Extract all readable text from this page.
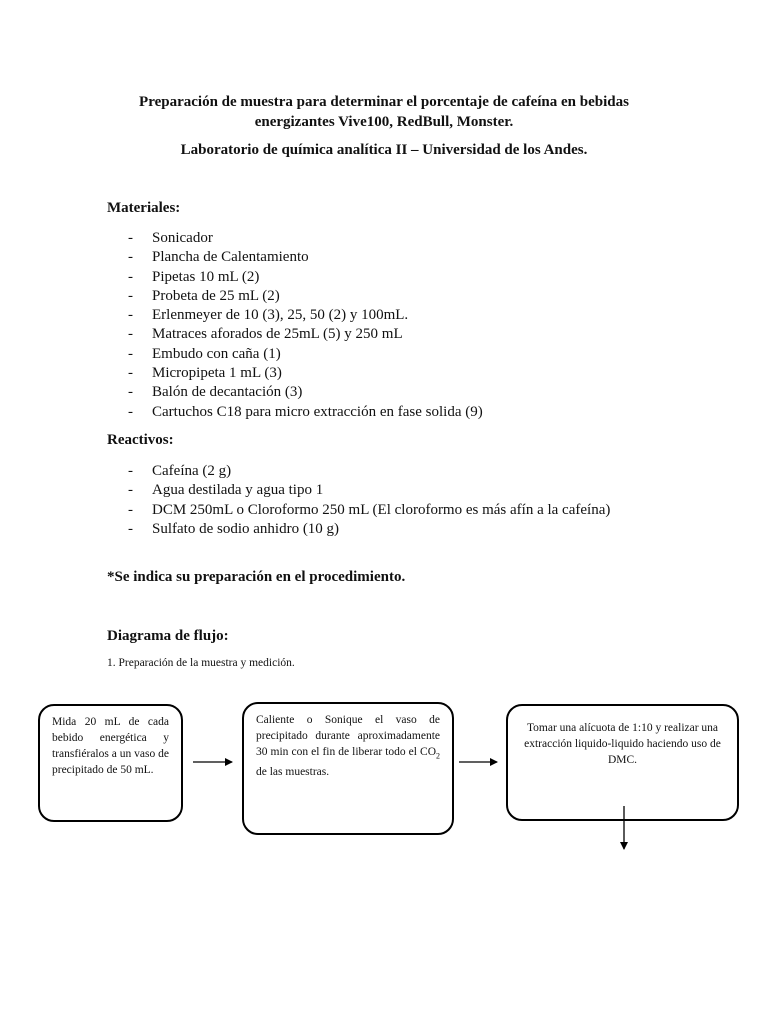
Preparación de muestra para determinar el porcentaje de cafeína en bebidas
energizantes Vive100, RedBull, Monster.
Laboratorio de química analítica II – Universidad de los Andes.
Materiales:
- Sonicador
- Plancha de Calentamiento
- Pipetas 10 mL (2)
- Probeta de 25 mL (2)
- Erlenmeyer de 10 (3), 25, 50 (2) y 100mL.
- Matraces aforados de 25mL (5) y 250 mL
- Embudo con caña (1)
- Micropipeta 1 mL (3)
- Balón de decantación (3)
- Cartuchos C18 para micro extracción en fase solida (9)
Reactivos:
- Cafeína (2 g)
- Agua destilada y agua tipo 1
- DCM 250mL o Cloroformo 250 mL (El cloroformo es más afín a la cafeína)
- Sulfato de sodio anhidro (10 g)
*Se indica su preparación en el procedimiento.
Diagrama de flujo:
1. Preparación de la muestra y medición.
Mida 20 mL de cada bebido energética y transfiéralos a un vaso de precipitado de 50 mL.
Caliente o Sonique el vaso de precipitado durante aproximadamente 30 min con el fin de liberar todo el $CO_2$ de las muestras.
Tomar una alícuota de 1:10 y realizar una extracción liquido-liquido haciendo uso de DMC.
